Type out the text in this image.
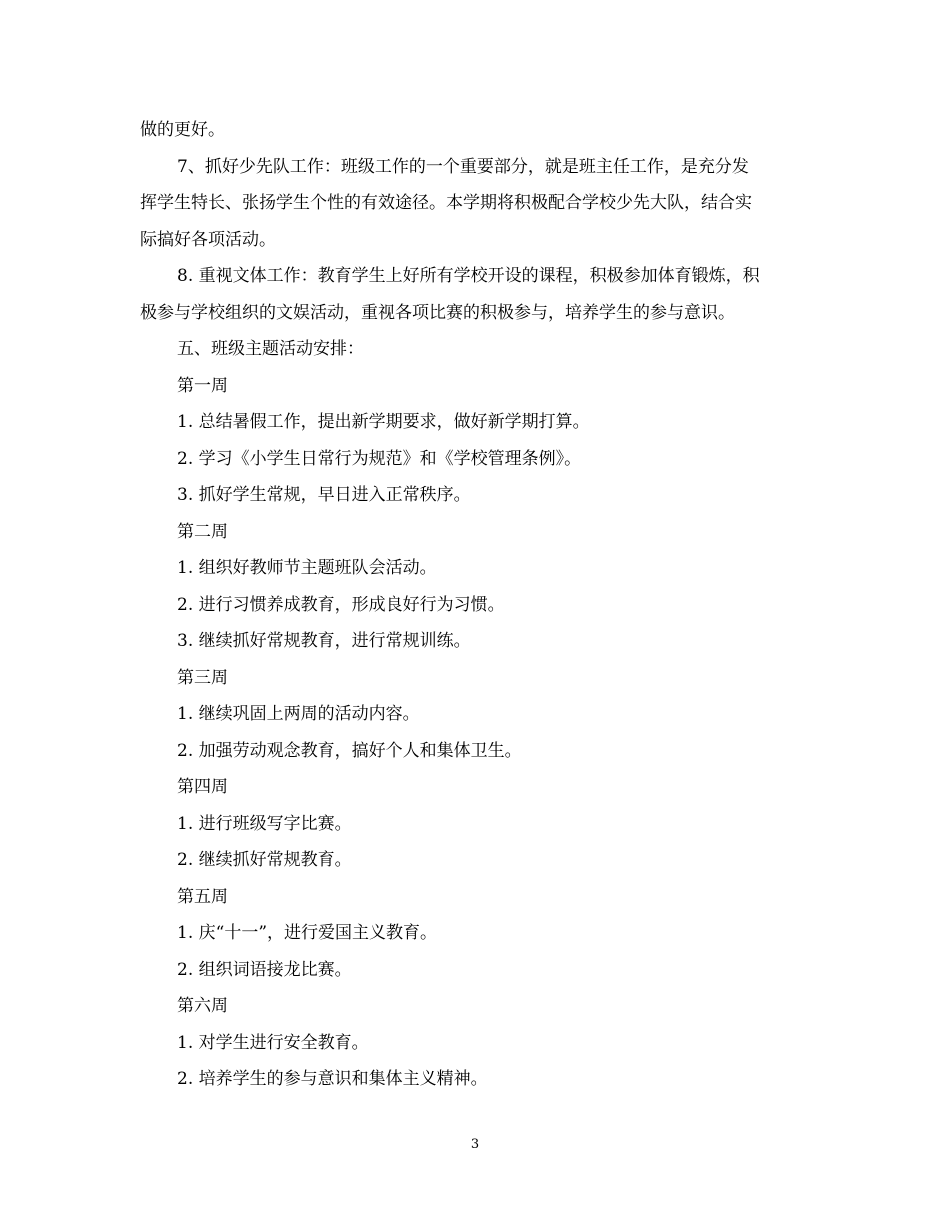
做的更好。

7、抓好少先队工作：班级工作的一个重要部分，就是班主任工作，是充分发

挥学生特长、张扬学生个性的有效途径。本学期将积极配合学校少先大队，结合实

际搞好各项活动。

8. 重视文体工作：教育学生上好所有学校开设的课程，积极参加体育锻炼，积

极参与学校组织的文娱活动，重视各项比赛的积极参与，培养学生的参与意识。

五、班级主题活动安排：

第一周

1. 总结暑假工作，提出新学期要求，做好新学期打算。

2. 学习《小学生日常行为规范》和《学校管理条例》。

3. 抓好学生常规，早日进入正常秩序。

第二周

1. 组织好教师节主题班队会活动。

2. 进行习惯养成教育，形成良好行为习惯。

3. 继续抓好常规教育，进行常规训练。

第三周

1. 继续巩固上两周的活动内容。

2. 加强劳动观念教育，搞好个人和集体卫生。

第四周

1. 进行班级写字比赛。

2. 继续抓好常规教育。

第五周

1. 庆“十一”，进行爱国主义教育。

2. 组织词语接龙比赛。

第六周

1. 对学生进行安全教育。

2. 培养学生的参与意识和集体主义精神。

3
